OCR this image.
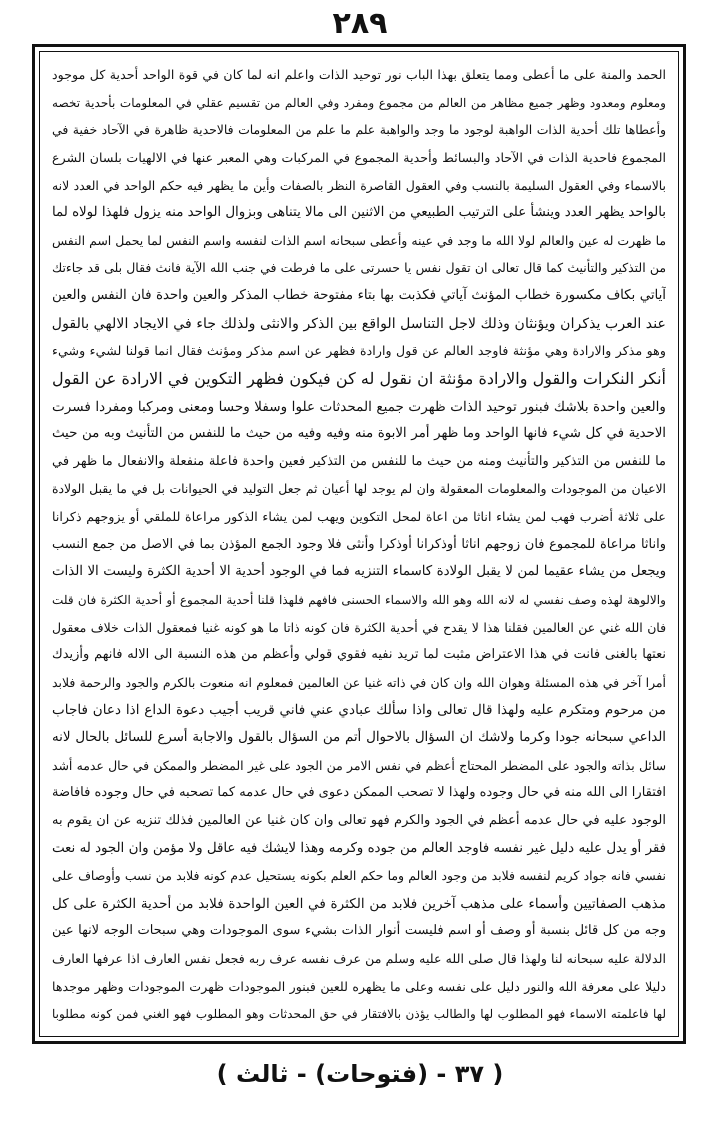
٢٨٩
الحمد والمنة على ما أعطى ومما يتعلق بهذا الباب نور توحيد الذات واعلم انه لما كان في قوة الواحد أحدية كل موجود
ومعلوم ومعدود وظهر جميع مظاهر من العالم من مجموع ومفرد وفي العالم من تقسيم عقلي في المعلومات بأحدية تخصه
وأعطاها تلك أحدية الذات الواهبة لوجود ما وجد والواهبة علم ما علم من المعلومات فالاحدية ظاهرة في الآحاد خفية في
المجموع فاحدية الذات في الآحاد والبسائط وأحدية المجموع في المركبات وهي المعبر عنها في الالهيات بلسان الشرع
بالاسماء وفي العقول السليمة بالنسب وفي العقول القاصرة النظر بالصفات وأين ما يظهر فيه حكم الواحد في العدد لانه
بالواحد يظهر العدد وينشأ على الترتيب الطبيعي من الاثنين الى مالا يتناهى وبزوال الواحد منه يزول فلهذا لولاه لما
ما ظهرت له عين والعالم لولا الله ما وجد في عينه وأعطى سبحانه اسم الذات لنفسه واسم النفس لما يحمل اسم النفس
من التذكير والتأنيث كما قال تعالى ان تقول نفس يا حسرتى على ما فرطت في جنب الله الآية فانث فقال بلى قد جاءتك
آياتي بكاف مكسورة خطاب المؤنث آياتي فكذبت بها بتاء مفتوحة خطاب المذكر والعين واحدة فان النفس والعين
عند العرب يذكران ويؤنثان وذلك لاجل التناسل الواقع بين الذكر والانثى ولذلك جاء في الايجاد الالهي بالقول
وهو مذكر والارادة وهي مؤنثة فاوجد العالم عن قول وارادة فظهر عن اسم مذكر ومؤنث فقال انما قولنا لشيء وشيء
أنكر النكرات والقول والارادة مؤنثة ان نقول له كن فيكون فظهر التكوين في الارادة عن القول
والعين واحدة بلاشك فبنور توحيد الذات ظهرت جميع المحدثات علوا وسفلا وحسا ومعنى ومركبا ومفردا فسرت
الاحدية في كل شيء فانها الواحد وما ظهر أمر الابوة منه وفيه وفيه من حيث ما للنفس من التأنيث وبه من حيث
ما للنفس من التذكير والتأنيث ومنه من حيث ما للنفس من التذكير فعين واحدة فاعلة منفعلة والانفعال ما ظهر في
الاعيان من الموجودات والمعلومات المعقولة وان لم يوجد لها أعيان ثم جعل التوليد في الحيوانات بل في ما يقبل الولادة
على ثلاثة أضرب فهب لمن يشاء اناثا من اعاة لمحل التكوين ويهب لمن يشاء الذكور مراعاة للملقي أو يزوجهم ذكرانا
واناثا مراعاة للمجموع فان زوجهم اناثا أوذكرانا أوذكرا وأنثى فلا وجود الجمع المؤذن بما في الاصل من جمع النسب
ويجعل من يشاء عقيما لمن لا يقبل الولادة كاسماء التنزيه فما في الوجود أحدية الا أحدية الكثرة وليست الا الذات
والالوهة لهذه وصف نفسي له لانه الله وهو الله والاسماء الحسنى فافهم فلهذا قلنا أحدية المجموع أو أحدية الكثرة فان قلت
فان الله غني عن العالمين فقلنا هذا لا يقدح في أحدية الكثرة فان كونه ذاتا ما هو كونه غنيا فمعقول الذات خلاف معقول
نعتها بالغنى فانت في هذا الاعتراض مثبت لما تريد نفيه فقوي قولي وأعظم من هذه النسبة الى الاله فانهم وأزيدك
أمرا آخر في هذه المسئلة وهوان الله وان كان في ذاته غنيا عن العالمين فمعلوم انه منعوت بالكرم والجود والرحمة فلابد
من مرحوم ومتكرم عليه ولهذا قال تعالى واذا سألك عبادي عني فاني قريب أجيب دعوة الداع اذا دعان فاجاب
الداعي سبحانه جودا وكرما ولاشك ان السؤال بالاحوال أتم من السؤال بالقول والاجابة أسرع للسائل بالحال لانه
سائل بذاته والجود على المضطر المحتاج أعظم في نفس الامر من الجود على غير المضطر والممكن في حال عدمه أشد
افتقارا الى الله منه في حال وجوده ولهذا لا تصحب الممكن دعوى في حال عدمه كما تصحبه في حال وجوده فافاضة
الوجود عليه في حال عدمه أعظم في الجود والكرم فهو تعالى وان كان غنيا عن العالمين فذلك تنزيه عن ان يقوم به
فقر أو يدل عليه دليل غير نفسه فاوجد العالم من جوده وكرمه وهذا لايشك فيه عاقل ولا مؤمن وان الجود له نعت
نفسي فانه جواد كريم لنفسه فلابد من وجود العالم وما حكم العلم بكونه يستحيل عدم كونه فلابد من نسب وأوصاف على
مذهب الصفاتيين وأسماء على مذهب آخرين فلابد من الكثرة في العين الواحدة فلابد من أحدية الكثرة على كل
وجه من كل قائل بنسبة أو وصف أو اسم فليست أنوار الذات بشيء سوى الموجودات وهي سبحات الوجه لانها عين
الدلالة عليه سبحانه لنا ولهذا قال صلى الله عليه وسلم من عرف نفسه عرف ربه فجعل نفس العارف اذا عرفها العارف
دليلا على معرفة الله والنور دليل على نفسه وعلى ما يظهره للعين فبنور الموجودات ظهرت الموجودات وظهر موجدها
لها فاعلمته الاسماء فهو المطلوب لها والطالب يؤذن بالافتقار في حق المحدثات وهو المطلوب فهو الغني فمن كونه مطلوبا
( ٣٧ - (فتوحات) - ثالث )
